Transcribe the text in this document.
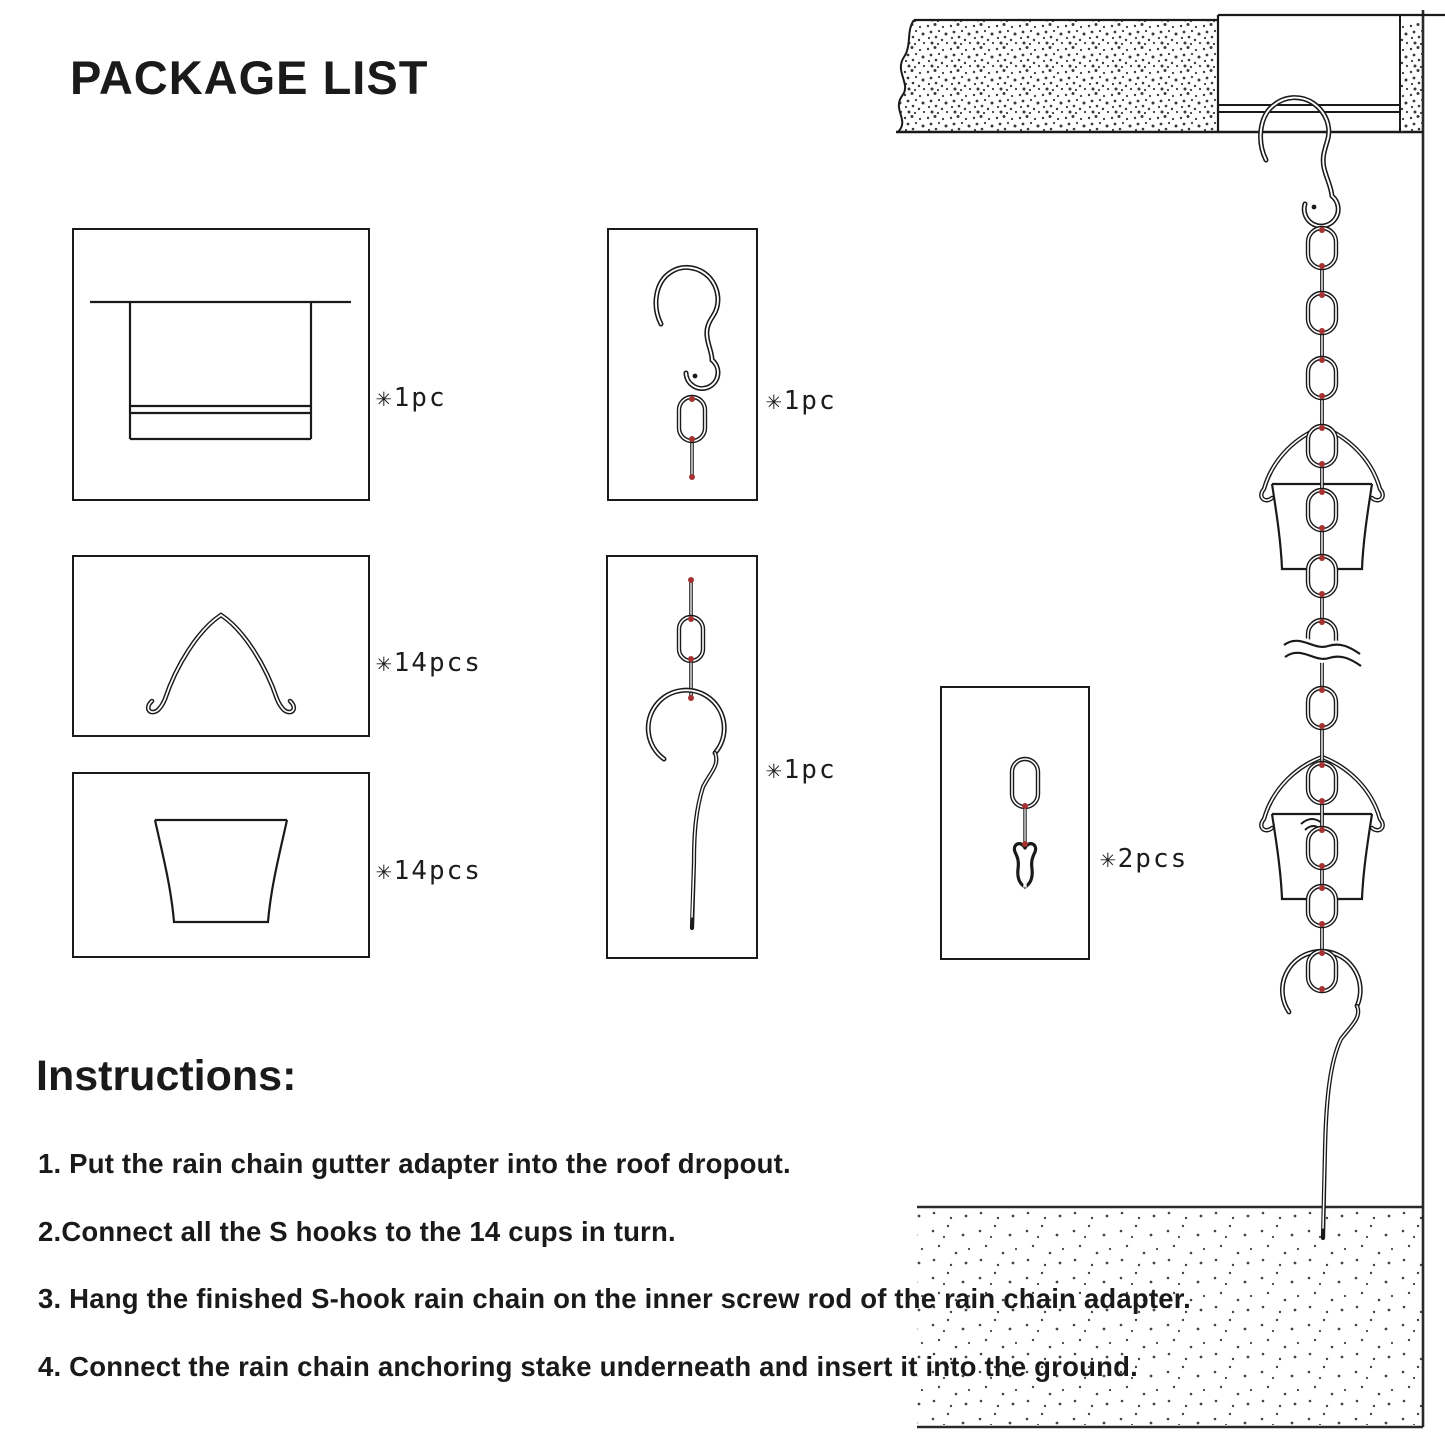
PACKAGE LIST
✳1pc
✳14pcs
✳14pcs
✳1pc
✳1pc
✳2pcs
Instructions:
1. Put the rain chain gutter adapter into the roof dropout.
2.Connect all the S hooks to the 14 cups in turn.
3. Hang the finished S-hook rain chain on the inner screw rod of the rain chain adapter.
4. Connect the rain chain anchoring stake underneath and insert it into the ground.
